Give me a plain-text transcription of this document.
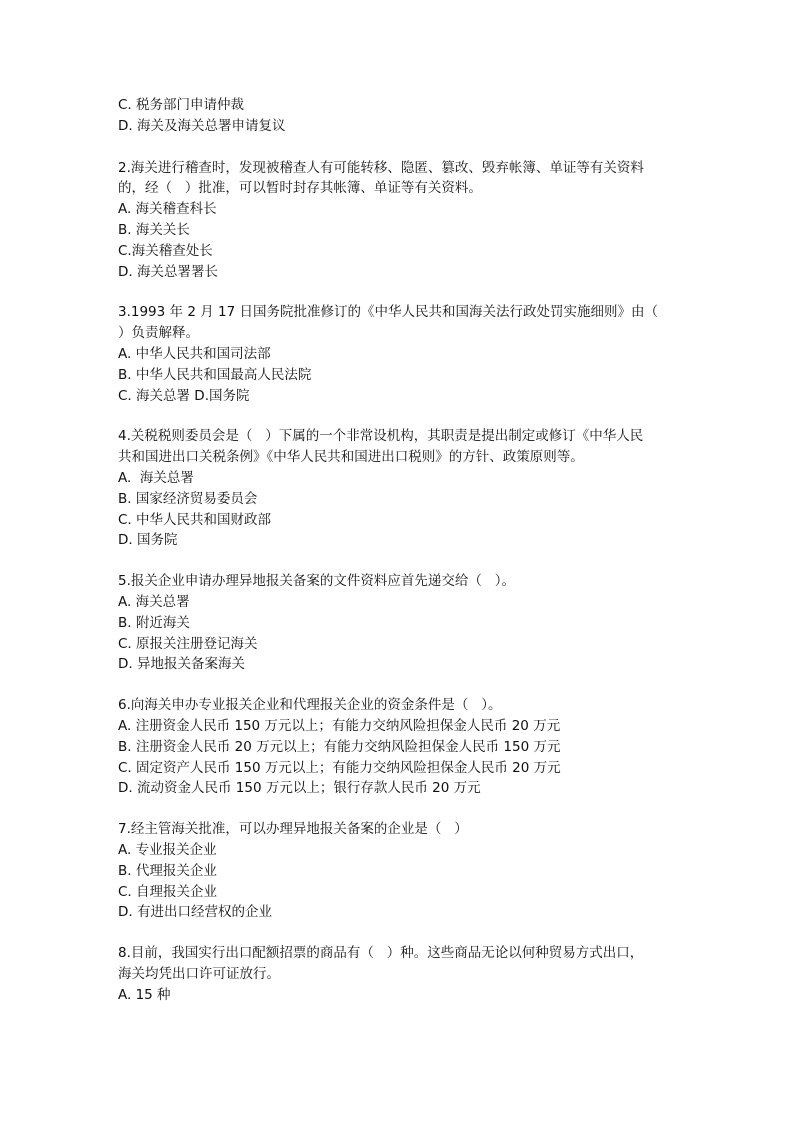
C. 税务部门申请仲裁
D. 海关及海关总署申请复议
2.海关进行稽查时，发现被稽查人有可能转移、隐匿、篡改、毁弃帐簿、单证等有关资料
的，经（   ）批准，可以暂时封存其帐簿、单证等有关资料。
A. 海关稽查科长
B. 海关关长
C.海关稽查处长
D. 海关总署署长
3.1993 年 2 月 17 日国务院批准修订的《中华人民共和国海关法行政处罚实施细则》由（
）负责解释。
A. 中华人民共和国司法部
B. 中华人民共和国最高人民法院
C. 海关总署 D.国务院
4.关税税则委员会是（   ）下属的一个非常设机构，其职责是提出制定或修订《中华人民
共和国进出口关税条例》《中华人民共和国进出口税则》的方针、政策原则等。
A.  海关总署
B. 国家经济贸易委员会
C. 中华人民共和国财政部
D. 国务院
5.报关企业申请办理异地报关备案的文件资料应首先递交给（   ）。
A. 海关总署
B. 附近海关
C. 原报关注册登记海关
D. 异地报关备案海关
6.向海关申办专业报关企业和代理报关企业的资金条件是（   ）。
A. 注册资金人民币 150 万元以上；有能力交纳风险担保金人民币 20 万元
B. 注册资金人民币 20 万元以上；有能力交纳风险担保金人民币 150 万元
C. 固定资产人民币 150 万元以上；有能力交纳风险担保金人民币 20 万元
D. 流动资金人民币 150 万元以上；银行存款人民币 20 万元
7.经主管海关批准，可以办理异地报关备案的企业是（   ）
A. 专业报关企业
B. 代理报关企业
C. 自理报关企业
D. 有进出口经营权的企业
8.目前，我国实行出口配额招票的商品有（   ）种。这些商品无论以何种贸易方式出口，
海关均凭出口许可证放行。
A. 15 种
